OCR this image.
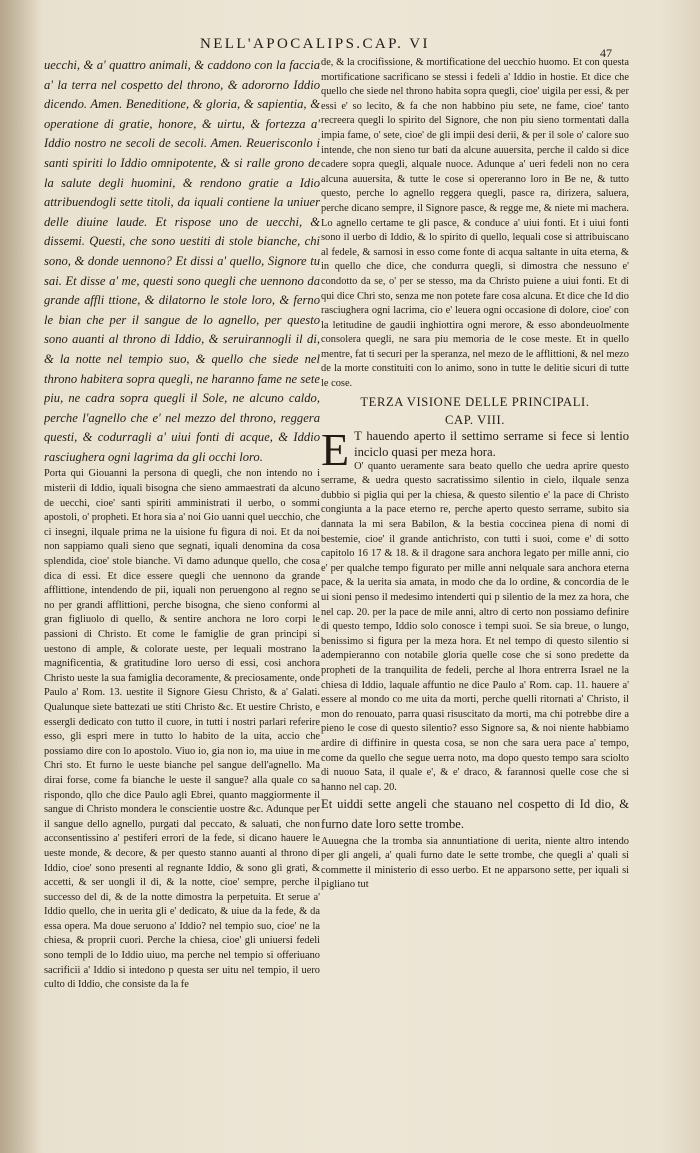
NELL'APOCALIPS.CAP. VI
47

uecchi, & a' quattro animali, & caddono con la faccia a' la terra nel cospetto del throno, & adororno Iddio dicendo. Amen. Beneditione, & gloria, & sapientia, & operatione di gratie, honore, & uirtu, & fortezza a' Iddio nostro ne secoli de secoli. Amen. Reuerisconlo i santi spiriti lo Iddio omnipotente, & si ralle grono de la salute degli huomini, & rendono gratie a Idio attribuendogli sette titoli, da iquali contiene la uniuer delle diuine laude. Et rispose uno de uecchi, & dissemi. Questi, che sono uestiti di stole bianche, chi sono, & donde uennono? Et dissi a' quello, Signore tu sai. Et disse a' me, questi sono quegli che uennono da grande affli ttione, & dilatorno le stole loro, & ferno le bian che per il sangue de lo agnello, per questo sono auanti al throno di Iddio, & seruirannogli il di, & la notte nel tempio suo, & quello che siede nel throno habitera sopra quegli, ne haranno fame ne sete piu, ne cadra sopra quegli il Sole, ne alcuno caldo, perche l'agnello che e' nel mezzo del throno, reggera questi, & codurragli a' uiui fonti di acque, & Iddio rasciughera ogni lagrima da gli occhi loro.

Porta qui Giouanni la persona di quegli, che non intendo no i misterii di Iddio, iquali bisogna che sieno ammaestrati da alcuno de uecchi, cioe' santi spiriti amministrati il uerbo, o sommi apostoli, o' propheti. Et hora sia a' noi Gio uanni quel uecchio, che ci insegni, ilquale prima ne la uisione fu figura di noi. Et da noi non sappiamo quali sieno que segnati, iquali denomina da cosa splendida, cioe' stole bianche. Vi damo adunque quello, che cosa dica di essi. Et dice essere quegli che uennono da grande afflittione, intendendo de pii, iquali non peruengono al regno se no per grandi afflittioni, perche bisogna, che sieno conformi al gran figliuolo di quello, & sentire anchora ne loro corpi le passioni di Christo. Et come le famiglie de gran principi si uestono di ample, & colorate ueste, per lequali mostrano la magnificentia, & gratitudine loro uerso di essi, cosi anchora Christo ueste la sua famiglia decoramente, & preciosamente, onde Paulo a' Rom. 13. uestite il Signore Giesu Christo, & a' Galati. Qualunque siete battezati ue stiti Christo &c. Et uestire Christo, e essergli dedicato con tutto il cuore, in tutti i nostri parlari referire esso, gli espri mere in tutto lo habito de la uita, accio che possiamo dire con lo apostolo. Viuo io, gia non io, ma uiue in me Chri sto. Et furno le ueste bianche pel sangue dell'agnello. Ma dirai forse, come fa bianche le ueste il sangue? alla quale co sa rispondo, qllo che dice Paulo agli Ebrei, quanto maggiormente il sangue di Christo mondera le conscientie uostre &c. Adunque per il sangue dello agnello, purgati dal peccato, & saluati, che non acconsentissino a' pestiferi errori de la fede, si dicano hauere le ueste monde, & decore, & per questo stanno auanti al throno di Iddio, cioe' sono presenti al regnante Iddio, & sono gli grati, & accetti, & ser uongli il di, & la notte, cioe' sempre, perche il successo del di, & de la notte dimostra la perpetuita. Et serue a' Iddio quello, che in uerita gli e' dedicato, & uiue da la fede, & da essa opera. Ma doue seruono a' Iddio? nel tempio suo, cioe' ne la chiesa, & proprii cuori. Perche la chiesa, cioe' gli uniuersi fedeli sono templi de lo Iddio uiuo, ma perche nel tempio si offeriuano sacrificii a' Iddio si intedono p questa ser uitu nel tempio, il uero culto di Iddio, che consiste da la fe

de, & la crocifissione, & mortificatione del uecchio huomo. Et con questa mortificatione sacrificano se stessi i fedeli a' Iddio in hostie. Et dice che quello che siede nel throno habita sopra quegli, cioe' uigila per essi, & per essi e' so lecito, & fa che non habbino piu sete, ne fame, cioe' tanto recreera quegli lo spirito del Signore, che non piu sieno tormentati dalla impia fame, o' sete, cioe' de gli impii desi derii, & per il sole o' calore suo intende, che non sieno tur bati da alcune auuersita, perche il caldo si dice cadere sopra quegli, alquale nuoce. Adunque a' ueri fedeli non no cera alcuna auuersita, & tutte le cose si opereranno loro in Be ne, & tutto questo, perche lo agnello reggera quegli, pasce ra, dirizera, saluera, perche dicano sempre, il Signore pasce, & regge me, & niete mi machera. Lo agnello certame te gli pasce, & conduce a' uiui fonti. Et i uiui fonti sono il uerbo di Iddio, & lo spirito di quello, lequali cose si attribuiscano al fedele, & sarnosi in esso come fonte di acqua saltante in uita eterna, & in quello che dice, che condurra quegli, si dimostra che nessuno e' condotto da se, o' per se stesso, ma da Christo puiene a uiui fonti. Et di qui dice Chri sto, senza me non potete fare cosa alcuna. Et dice che Id dio rasciughera ogni lacrima, cio e' leuera ogni occasione di dolore, cioe' con la letitudine de gaudii inghiottira ogni merore, & esso abondeuolmente consolera quegli, ne sara piu memoria de le cose meste. Et in quello mentre, fat ti securi per la speranza, nel mezo de le afflittioni, & nel mezo de la morte constituiti con lo animo, sono in tutte le delitie sicuri di tutte le cose.

TERZA VISIONE DELLE PRINCIPALI.
CAP. VIII.

E T hauendo aperto il settimo serrame si fece si lentio inciclo quasi per meza hora.

O' quanto ueramente sara beato quello che uedra aprire questo serrame, & uedra questo sacratissimo silentio in cielo, ilquale senza dubbio si piglia qui per la chiesa, & questo silentio e' la pace di Christo congiunta a la pace eterno re, perche aperto questo serrame, subito sia dannata la mi sera Babilon, & la bestia coccinea piena di nomi di bestemie, cioe' il grande antichristo, con tutti i suoi, come e' di sotto capitolo 16 17 & 18. & il dragone sara anchora legato per mille anni, cio e' per qualche tempo figurato per mille anni nelquale sara anchora eterna pace, & la uerita sia amata, in modo che da lo ordine, & concordia de le ui sioni penso il medesimo intenderti qui p silentio de la mez za hora, che nel cap. 20. per la pace de mile anni, altro di certo non possiamo definire di questo tempo, Iddio solo conosce i tempi suoi. Se sia breue, o lungo, benissimo si figura per la meza hora. Et nel tempo di questo silentio si adempieranno con notabile gloria quelle cose che si sono predette da propheti de la tranquilita de fedeli, perche al lhora entrerra Israel ne la chiesa di Iddio, laquale affuntio ne dice Paulo a' Rom. cap. 11. hauere a' essere al mondo co me uita da morti, perche quelli ritornati a' Christo, il mon do renouato, parra quasi risuscitato da morti, ma chi potrebbe dire a pieno le cose di questo silentio? esso Signore sa, & noi niente habbiamo ardire di diffinire in questa cosa, se non che sara uera pace a' tempo, come da quello che segue uerra noto, ma dopo questo tempo sara sciolto di nuouo Sata, il quale e', & e' draco, & farannosi quelle cose che si hanno nel cap. 20.

Et uiddi sette angeli che stauano nel cospetto di Id dio, & furno date loro sette trombe.

Auuegna che la tromba sia annuntiatione di uerita, niente altro intendo per gli angeli, a' quali furno date le sette trombe, che quegli a' quali si commette il ministerio di esso uerbo. Et ne apparsono sette, per iquali si pigliano tut
